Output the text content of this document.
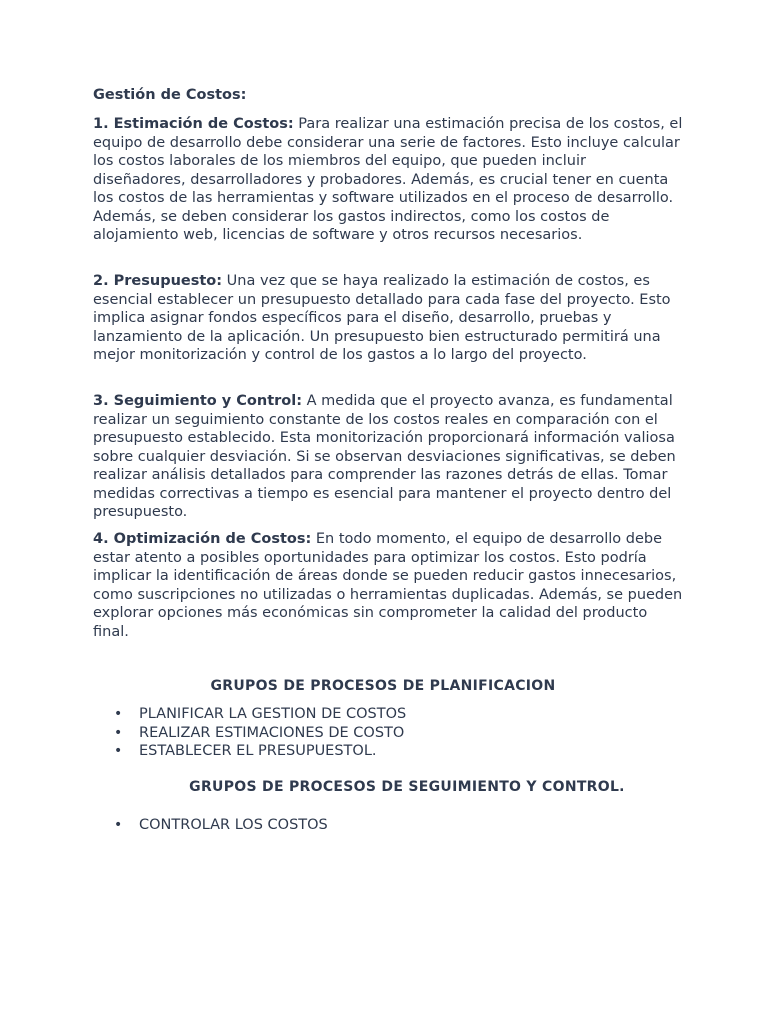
Gestión de Costos:

1. Estimación de Costos: Para realizar una estimación precisa de los costos, el equipo de desarrollo debe considerar una serie de factores. Esto incluye calcular los costos laborales de los miembros del equipo, que pueden incluir diseñadores, desarrolladores y probadores. Además, es crucial tener en cuenta los costos de las herramientas y software utilizados en el proceso de desarrollo. Además, se deben considerar los gastos indirectos, como los costos de alojamiento web, licencias de software y otros recursos necesarios.

2. Presupuesto: Una vez que se haya realizado la estimación de costos, es esencial establecer un presupuesto detallado para cada fase del proyecto. Esto implica asignar fondos específicos para el diseño, desarrollo, pruebas y lanzamiento de la aplicación. Un presupuesto bien estructurado permitirá una mejor monitorización y control de los gastos a lo largo del proyecto.

3. Seguimiento y Control: A medida que el proyecto avanza, es fundamental realizar un seguimiento constante de los costos reales en comparación con el presupuesto establecido. Esta monitorización proporcionará información valiosa sobre cualquier desviación. Si se observan desviaciones significativas, se deben realizar análisis detallados para comprender las razones detrás de ellas. Tomar medidas correctivas a tiempo es esencial para mantener el proyecto dentro del presupuesto.

4. Optimización de Costos: En todo momento, el equipo de desarrollo debe estar atento a posibles oportunidades para optimizar los costos. Esto podría implicar la identificación de áreas donde se pueden reducir gastos innecesarios, como suscripciones no utilizadas o herramientas duplicadas. Además, se pueden explorar opciones más económicas sin comprometer la calidad del producto final.

GRUPOS DE PROCESOS DE PLANIFICACION

• PLANIFICAR LA GESTION DE COSTOS
• REALIZAR ESTIMACIONES DE COSTO
• ESTABLECER EL PRESUPUESTOL.

GRUPOS DE PROCESOS DE SEGUIMIENTO Y CONTROL.

• CONTROLAR LOS COSTOS
